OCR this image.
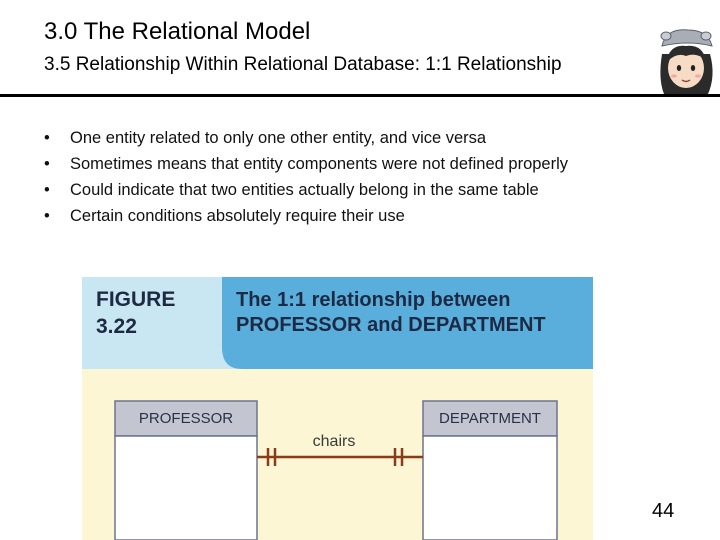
3.0 The Relational Model
3.5 Relationship Within Relational Database: 1:1 Relationship
• One entity related to only one other entity, and vice versa
• Sometimes means that entity components were not defined properly
• Could indicate that two entities actually belong in the same table
• Certain conditions absolutely require their use
FIGURE
3.22
The 1:1 relationship between
PROFESSOR and DEPARTMENT
PROFESSOR	DEPARTMENT
chairs
44
